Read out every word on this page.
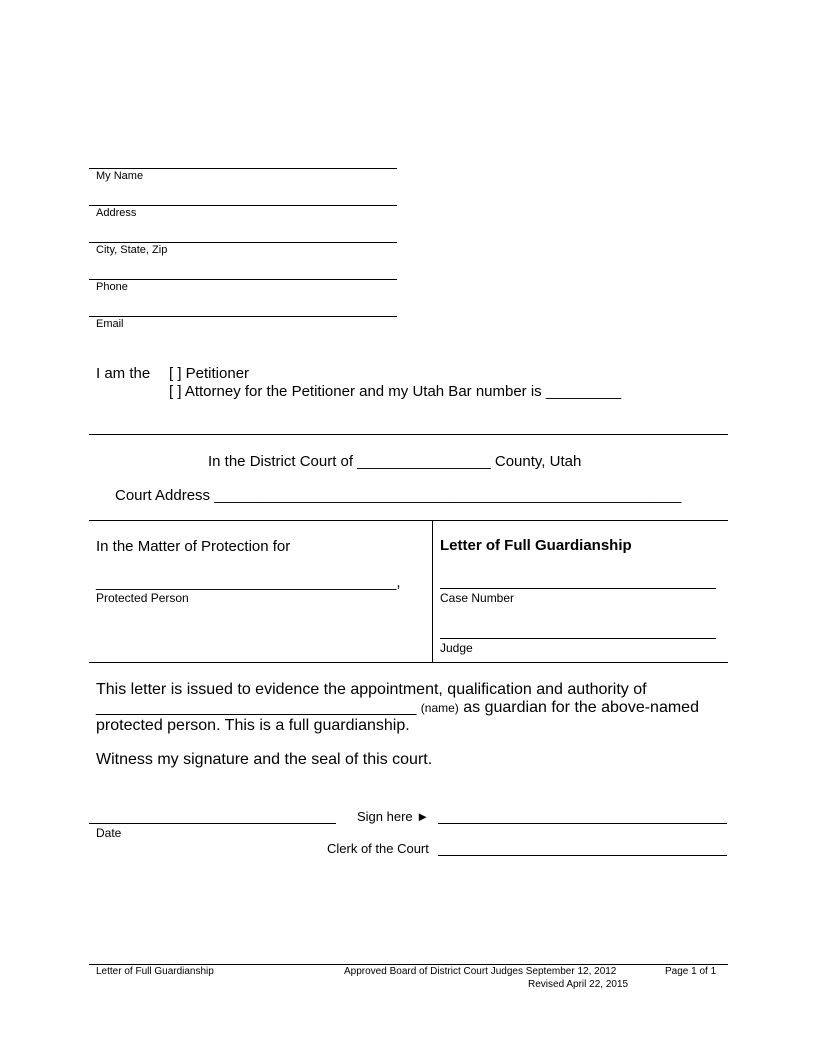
My Name
Address
City, State, Zip
Phone
Email
I am the [ ] Petitioner
[ ] Attorney for the Petitioner and my Utah Bar number is _________
In the District Court of ________________ County, Utah
Court Address ________________________________________________________
In the Matter of Protection for
____________________________________,
Protected Person
Letter of Full Guardianship
Case Number
Judge
This letter is issued to evidence the appointment, qualification and authority of
____________________________________ (name) as guardian for the above-named
protected person. This is a full guardianship.
Witness my signature and the seal of this court.
Date
Sign here ►
Clerk of the Court
Letter of Full Guardianship	Approved Board of District Court Judges September 12, 2012
Revised April 22, 2015
Page 1 of 1
